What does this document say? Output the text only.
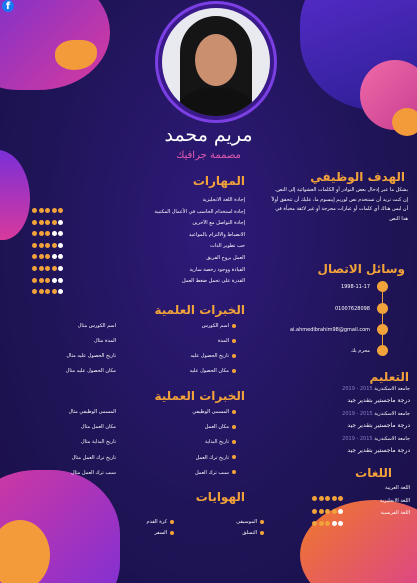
f
مريم محمد
مصممة جرافيك
المهارات
إجادة اللغة الانجليزية
إجادة استخدام الحاسب في الأعمال المكتبية
إجادة التواصل مع الآخرين
الانضباط والالتزام بالمواعيد
حب تطوير الذات
العمل بروح الفريق
القيادة ووجود رخصة سارية
القدرة على تحمل ضغط العمل
الهدف الوظيفي
بشكل ما عبر إدخال بعض النوادر أو الكلمات العشوائية إلى النص. إن كنت تريد أن تستخدم نص لوريم إيبسوم ما، عليك أن تتحقق أولاً أن ليس هناك أي كلمات أو عبارات محرجة أو غير لائقة مخبأة في هذا النص
وسائل الاتصال
1998-11-17
01007628098
ai.ahmedibrahim98@gmail.com
محرم بك
الخبرات العلمية
اسم الكورس
اسم الكورس مثال
المدة
المدة مثال
تاريخ الحصول عليه
تاريخ الحصول عليه مثال
مكان الحصول عليه
مكان الحصول عليه مثال
الخبرات العملية
المسمى الوظيفي
المسمى الوظيفي مثال
مكان العمل
مكان العمل مثال
تاريخ البداية
تاريخ البداية مثال
تاريخ ترك العمل
تاريخ ترك العمل مثال
سبب ترك العمل
سبب ترك العمل مثال
التعليم
جامعة الاسكندرية 2015 - 2019
درجة ماجستير بتقدير جيد
جامعة الاسكندرية 2015 - 2019
درجة ماجستير بتقدير جيد
جامعة الاسكندرية 2015 - 2019
درجة ماجستير بتقدير جيد
اللغات
اللغة العربية
اللغة الانجليزية
اللغة الفرنسية
الهوايات
الموسيقى
كرة القدم
التسلق
السفر
